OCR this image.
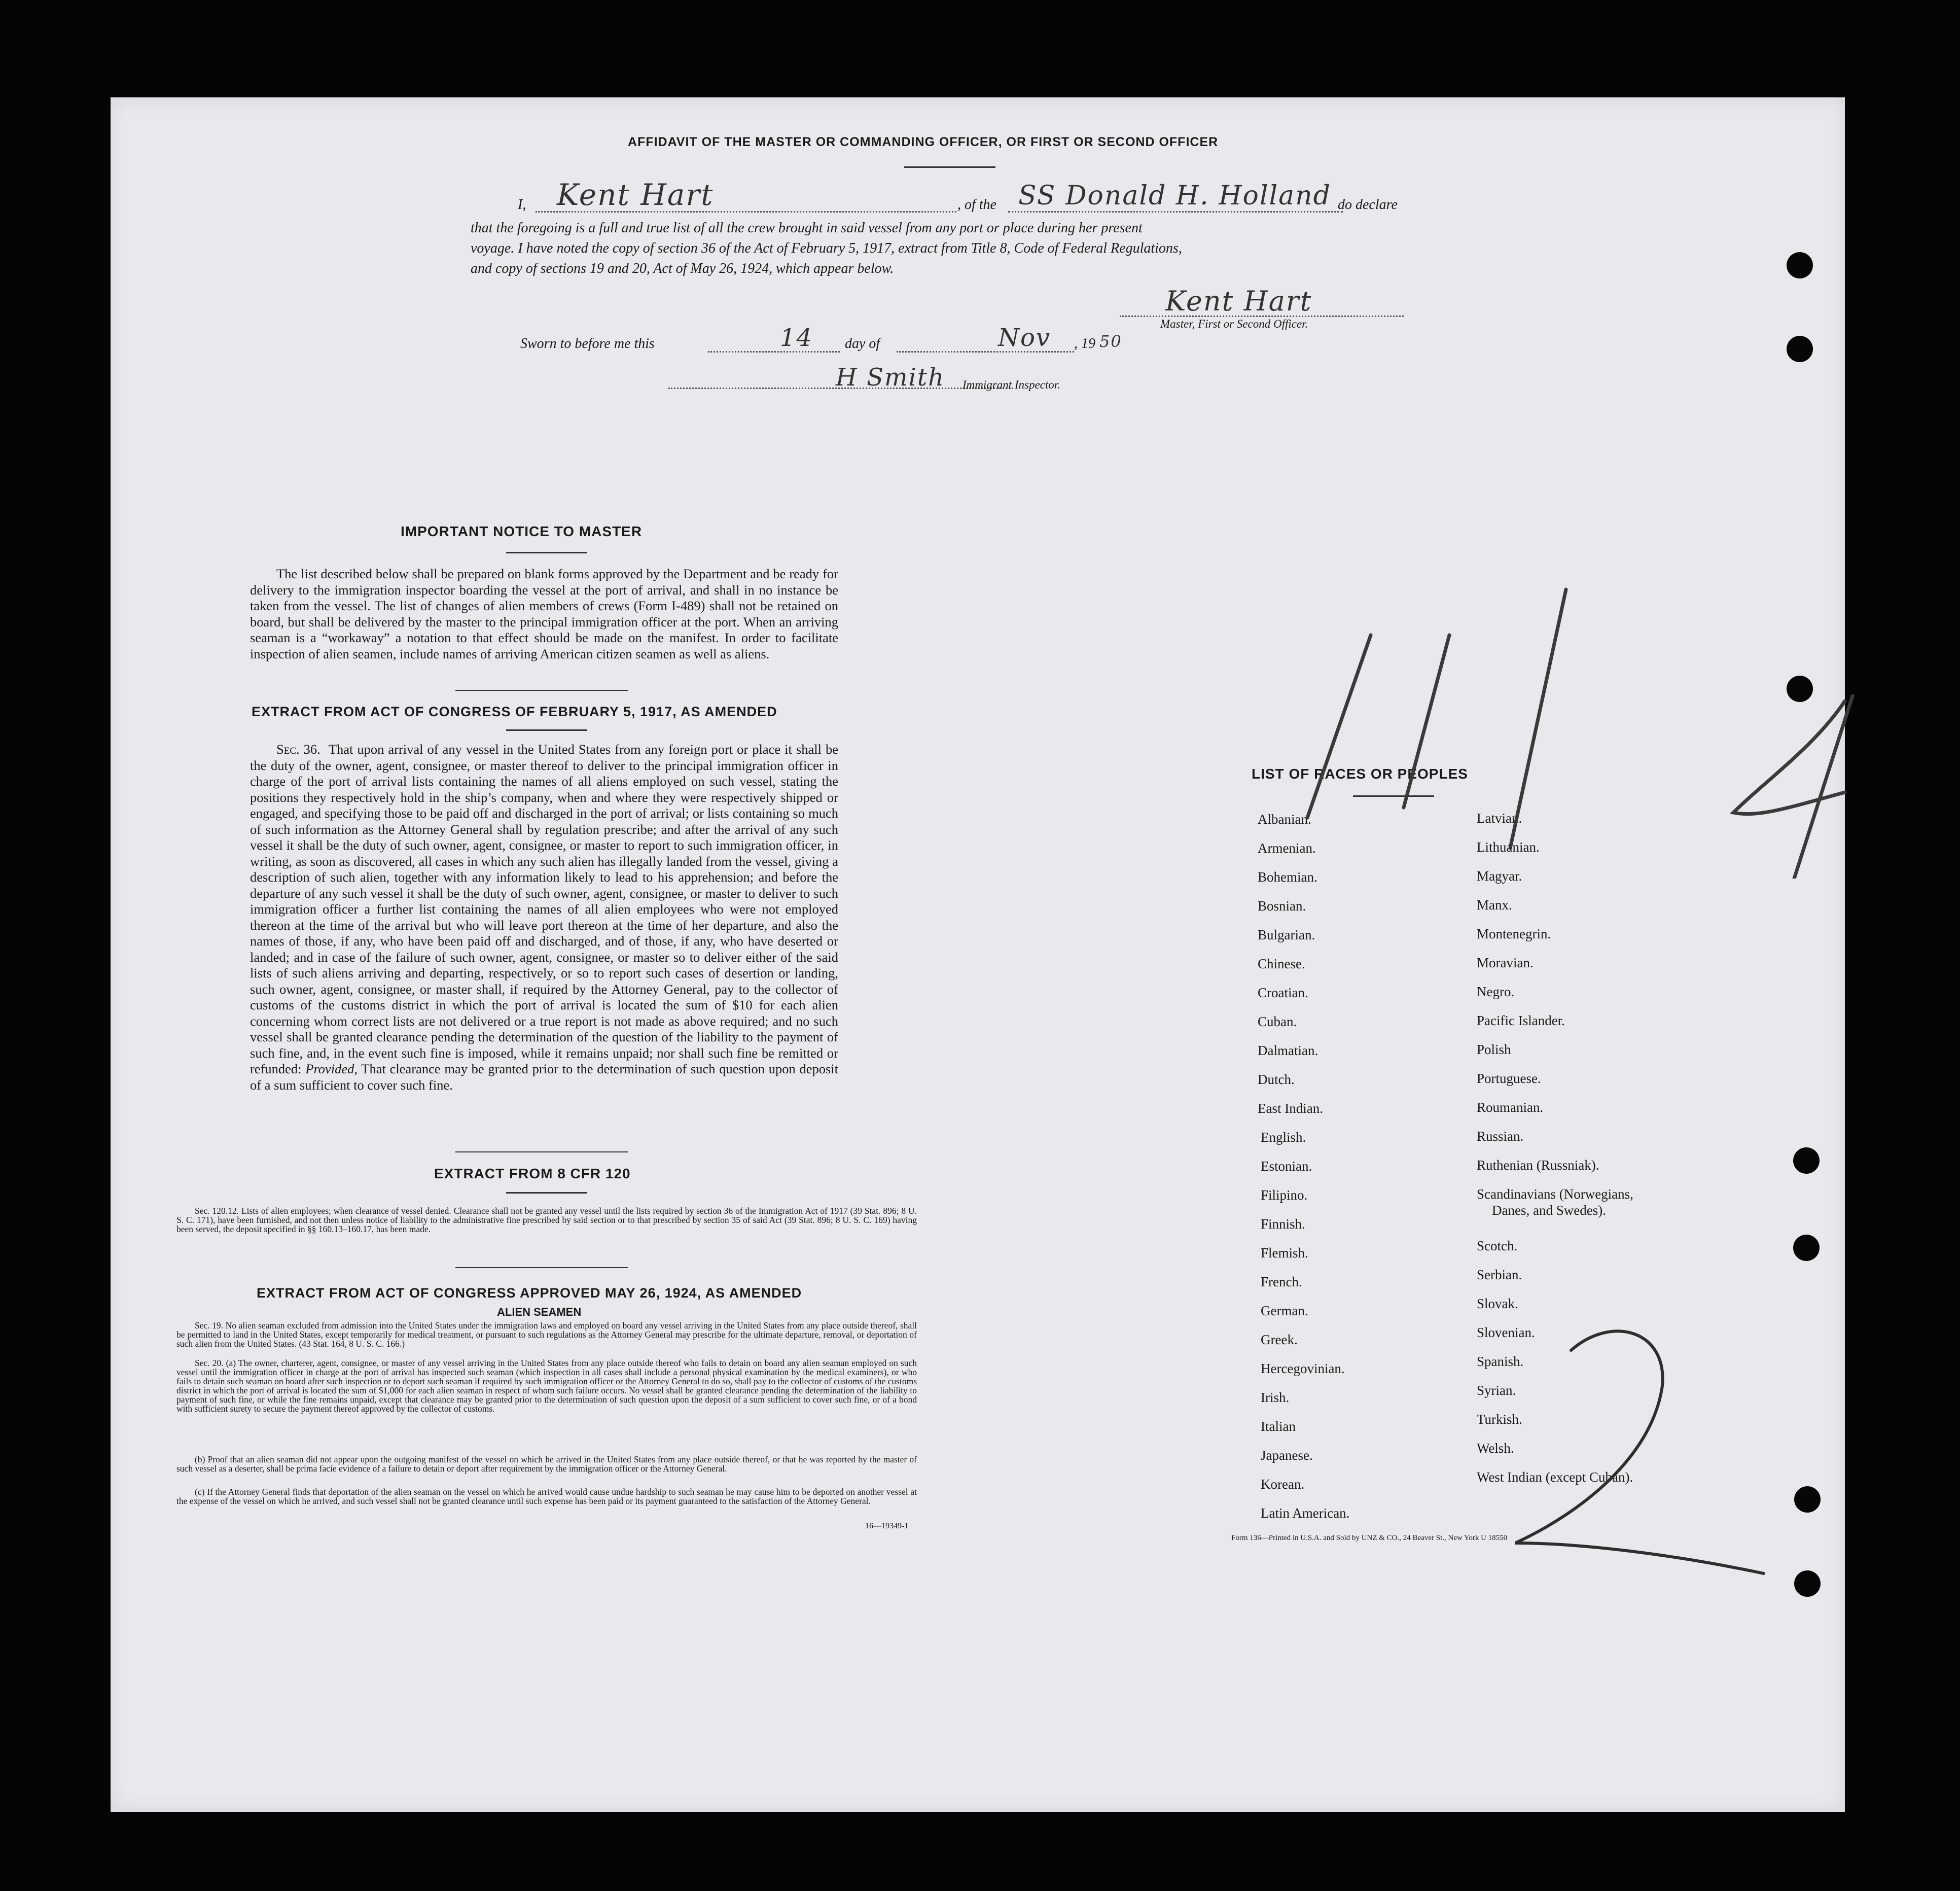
AFFIDAVIT OF THE MASTER OR COMMANDING OFFICER, OR FIRST OR SECOND OFFICER
I, Kent Hart	, of the SS Donald H. Holland do declare
that the foregoing is a full and true list of all the crew brought in said vessel from any port or place during her present
voyage. I have noted the copy of section 36 of the Act of February 5, 1917, extract from Title 8, Code of Federal Regulations,
and copy of sections 19 and 20, Act of May 26, 1924, which appear below.
Kent Hart
Master, First or Second Officer.
Sworn to before me this	14 day of	Nov , 19 50
H Smith Immigrant Inspector.
IMPORTANT NOTICE TO MASTER
The list described below shall be prepared on blank forms approved by the Department and be ready for delivery to the immigration inspector boarding the vessel at the port of arrival, and shall in no instance be taken from the vessel. The list of changes of alien members of crews (Form I-489) shall not be retained on board, but shall be delivered by the master to the principal immigration officer at the port. When an arriving seaman is a “workaway” a notation to that effect should be made on the manifest. In order to facilitate inspection of alien seamen, include names of arriving American citizen seamen as well as aliens.
EXTRACT FROM ACT OF CONGRESS OF FEBRUARY 5, 1917, AS AMENDED
Sec. 36. That upon arrival of any vessel in the United States from any foreign port or place it shall be the duty of the owner, agent, consignee, or master thereof to deliver to the principal immigration officer in charge of the port of arrival lists containing the names of all aliens employed on such vessel, stating the positions they respectively hold in the ship’s company, when and where they were respectively shipped or engaged, and specifying those to be paid off and discharged in the port of arrival; or lists containing so much of such information as the Attorney General shall by regulation prescribe; and after the arrival of any such vessel it shall be the duty of such owner, agent, consignee, or master to report to such immigration officer, in writing, as soon as discovered, all cases in which any such alien has illegally landed from the vessel, giving a description of such alien, together with any information likely to lead to his apprehension; and before the departure of any such vessel it shall be the duty of such owner, agent, consignee, or master to deliver to such immigration officer a further list containing the names of all alien employees who were not employed thereon at the time of the arrival but who will leave port thereon at the time of her departure, and also the names of those, if any, who have been paid off and discharged, and of those, if any, who have deserted or landed; and in case of the failure of such owner, agent, consignee, or master so to deliver either of the said lists of such aliens arriving and departing, respectively, or so to report such cases of desertion or landing, such owner, agent, consignee, or master shall, if required by the Attorney General, pay to the collector of customs of the customs district in which the port of arrival is located the sum of $10 for each alien concerning whom correct lists are not delivered or a true report is not made as above required; and no such vessel shall be granted clearance pending the determination of the question of the liability to the payment of such fine, and, in the event such fine is imposed, while it remains unpaid; nor shall such fine be remitted or refunded: Provided, That clearance may be granted prior to the determination of such question upon deposit of a sum sufficient to cover such fine.
EXTRACT FROM 8 CFR 120
Sec. 120.12. Lists of alien employees; when clearance of vessel denied. Clearance shall not be granted any vessel until the lists required by section 36 of the Immigration Act of 1917 (39 Stat. 896; 8 U. S. C. 171), have been furnished, and not then unless notice of liability to the administrative fine prescribed by said section or to that prescribed by section 35 of said Act (39 Stat. 896; 8 U. S. C. 169) having been served, the deposit specified in §§ 160.13–160.17, has been made.
EXTRACT FROM ACT OF CONGRESS APPROVED MAY 26, 1924, AS AMENDED
ALIEN SEAMEN
Sec. 19. No alien seaman excluded from admission into the United States under the immigration laws and employed on board any vessel arriving in the United States from any place outside thereof, shall be permitted to land in the United States, except temporarily for medical treatment, or pursuant to such regulations as the Attorney General may prescribe for the ultimate departure, removal, or deportation of such alien from the United States. (43 Stat. 164, 8 U. S. C. 166.)
Sec. 20. (a) The owner, charterer, agent, consignee, or master of any vessel arriving in the United States from any place outside thereof who fails to detain on board any alien seaman employed on such vessel until the immigration officer in charge at the port of arrival has inspected such seaman (which inspection in all cases shall include a personal physical examination by the medical examiners), or who fails to detain such seaman on board after such inspection or to deport such seaman if required by such immigration officer or the Attorney General to do so, shall pay to the collector of customs of the customs district in which the port of arrival is located the sum of $1,000 for each alien seaman in respect of whom such failure occurs. No vessel shall be granted clearance pending the determination of the liability to payment of such fine, or while the fine remains unpaid, except that clearance may be granted prior to the determination of such question upon the deposit of a sum sufficient to cover such fine, or of a bond with sufficient surety to secure the payment thereof approved by the collector of customs.
(b) Proof that an alien seaman did not appear upon the outgoing manifest of the vessel on which he arrived in the United States from any place outside thereof, or that he was reported by the master of such vessel as a deserter, shall be prima facie evidence of a failure to detain or deport after requirement by the immigration officer or the Attorney General.
(c) If the Attorney General finds that deportation of the alien seaman on the vessel on which he arrived would cause undue hardship to such seaman he may cause him to be deported on another vessel at the expense of the vessel on which he arrived, and such vessel shall not be granted clearance until such expense has been paid or its payment guaranteed to the satisfaction of the Attorney General.
16—19349-1
LIST OF RACES OR PEOPLES
Albanian.
Armenian.
Bohemian.
Bosnian.
Bulgarian.
Chinese.
Croatian.
Cuban.
Dalmatian.
Dutch.
East Indian.
English.
Estonian.
Filipino.
Finnish.
Flemish.
French.
German.
Greek.
Hercegovinian.
Irish.
Italian
Japanese.
Korean.
Latin American.
Latvian.
Lithuanian.
Magyar.
Manx.
Montenegrin.
Moravian.
Negro.
Pacific Islander.
Polish
Portuguese.
Roumanian.
Russian.
Ruthenian (Russniak).
Scandinavians (Norwegians,
Danes, and Swedes).
Scotch.
Serbian.
Slovak.
Slovenian.
Spanish.
Syrian.
Turkish.
Welsh.
West Indian (except Cuban).
Form 136—Printed in U.S.A. and Sold by UNZ & CO., 24 Beaver St., New York U 18550
